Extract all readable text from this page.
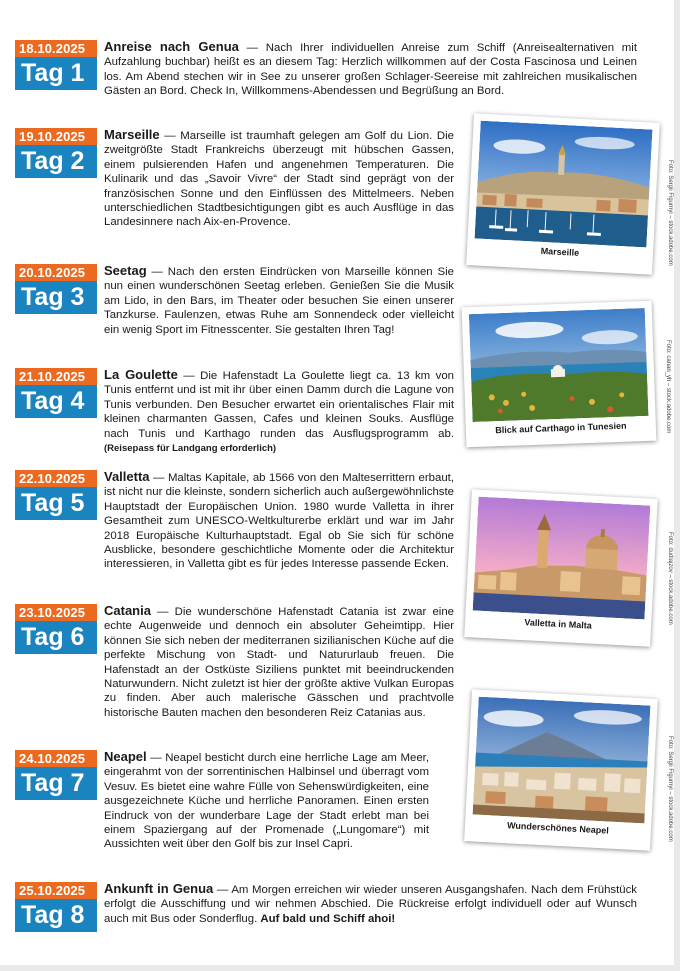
18.10.2025
Tag 1
Anreise nach Genua — Nach Ihrer individuellen Anreise zum Schiff (Anreisealternativen mit Aufzahlung buchbar) heißt es an diesem Tag: Herzlich willkommen auf der Costa Fascinosa und Leinen los. Am Abend stechen wir in See zu unserer großen Schlager-Seereise mit zahlreichen musikalischen Gästen an Bord. Check In, Willkommens-Abendessen und Begrüßung an Bord.
19.10.2025
Tag 2
Marseille — Marseille ist traumhaft gelegen am Golf du Lion. Die zweitgrößte Stadt Frankreichs überzeugt mit hübschen Gassen, einem pulsierenden Hafen und angenehmen Temperaturen. Die Kulinarik und das „Savoir Vivre“ der Stadt sind geprägt von der französischen Sonne und den Einflüssen des Mittelmeers. Neben unterschiedlichen Stadtbesichtigungen gibt es auch Ausflüge in das Landesinnere nach Aix-en-Provence.
20.10.2025
Tag 3
Seetag — Nach den ersten Eindrücken von Marseille können Sie nun einen wunderschönen Seetag erleben. Genießen Sie die Musik am Lido, in den Bars, im Theater oder besuchen Sie einen unserer Tanzkurse. Faulenzen, etwas Ruhe am Sonnendeck oder vielleicht ein wenig Sport im Fitnesscenter. Sie gestalten Ihren Tag!
21.10.2025
Tag 4
La Goulette — Die Hafenstadt La Goulette liegt ca. 13 km von Tunis entfernt und ist mit ihr über einen Damm durch die Lagune von Tunis verbunden. Den Besucher erwartet ein orientalisches Flair mit kleinen charmanten Gassen, Cafes und kleinen Souks. Ausflüge nach Tunis und Karthago runden das Ausflugsprogramm ab. (Reisepass für Landgang erforderlich)
22.10.2025
Tag 5
Valletta — Maltas Kapitale, ab 1566 von den Malteserrittern erbaut, ist nicht nur die kleinste, sondern sicherlich auch außergewöhnlichste Hauptstadt der Europäischen Union. 1980 wurde Valletta in ihrer Gesamtheit zum UNESCO-Weltkulturerbe erklärt und war im Jahr 2018 Europäische Kulturhauptstadt. Egal ob Sie sich für schöne Ausblicke, besondere geschichtliche Momente oder die Architektur interessieren, in Valletta gibt es für jedes Interesse passende Ecken.
23.10.2025
Tag 6
Catania — Die wunderschöne Hafenstadt Catania ist zwar eine echte Augenweide und dennoch ein absoluter Geheimtipp. Hier können Sie sich neben der mediterranen sizilianischen Küche auf die perfekte Mischung von Stadt- und Natururlaub freuen. Die Hafenstadt an der Ostküste Siziliens punktet mit beeindruckenden Naturwundern. Nicht zuletzt ist hier der größte aktive Vulkan Europas zu finden. Aber auch malerische Gässchen und prachtvolle historische Bauten machen den besonderen Reiz Catanias aus.
24.10.2025
Tag 7
Neapel — Neapel besticht durch eine herrliche Lage am Meer, eingerahmt von der sorrentinischen Halbinsel und überragt vom Vesuv. Es bietet eine wahre Fülle von Sehenswürdigkeiten, eine ausgezeichnete Küche und herrliche Panoramen. Einen ersten Eindruck von der wunderbare Lage der Stadt erlebt man bei einem Spaziergang auf der Promenade („Lungomare“) mit Aussichten weit über den Golf bis zur Insel Capri.
25.10.2025
Tag 8
Ankunft in Genua — Am Morgen erreichen wir wieder unseren Ausgangshafen. Nach dem Frühstück erfolgt die Ausschiffung und wir nehmen Abschied. Die Rückreise erfolgt individuell oder auf Wunsch auch mit Bus oder Sonderflug. Auf bald und Schiff ahoi!
Marseille	Foto: Sergii Figurnyi – stock.adobe.com
Blick auf Carthago in Tunesien	Foto: canan_yh – stock.adobe.com
Valletta in Malta	Foto: dudlajzov – stock.adobe.com
Wunderschönes Neapel	Foto: Sergii Figurnyi – stock.adobe.com
